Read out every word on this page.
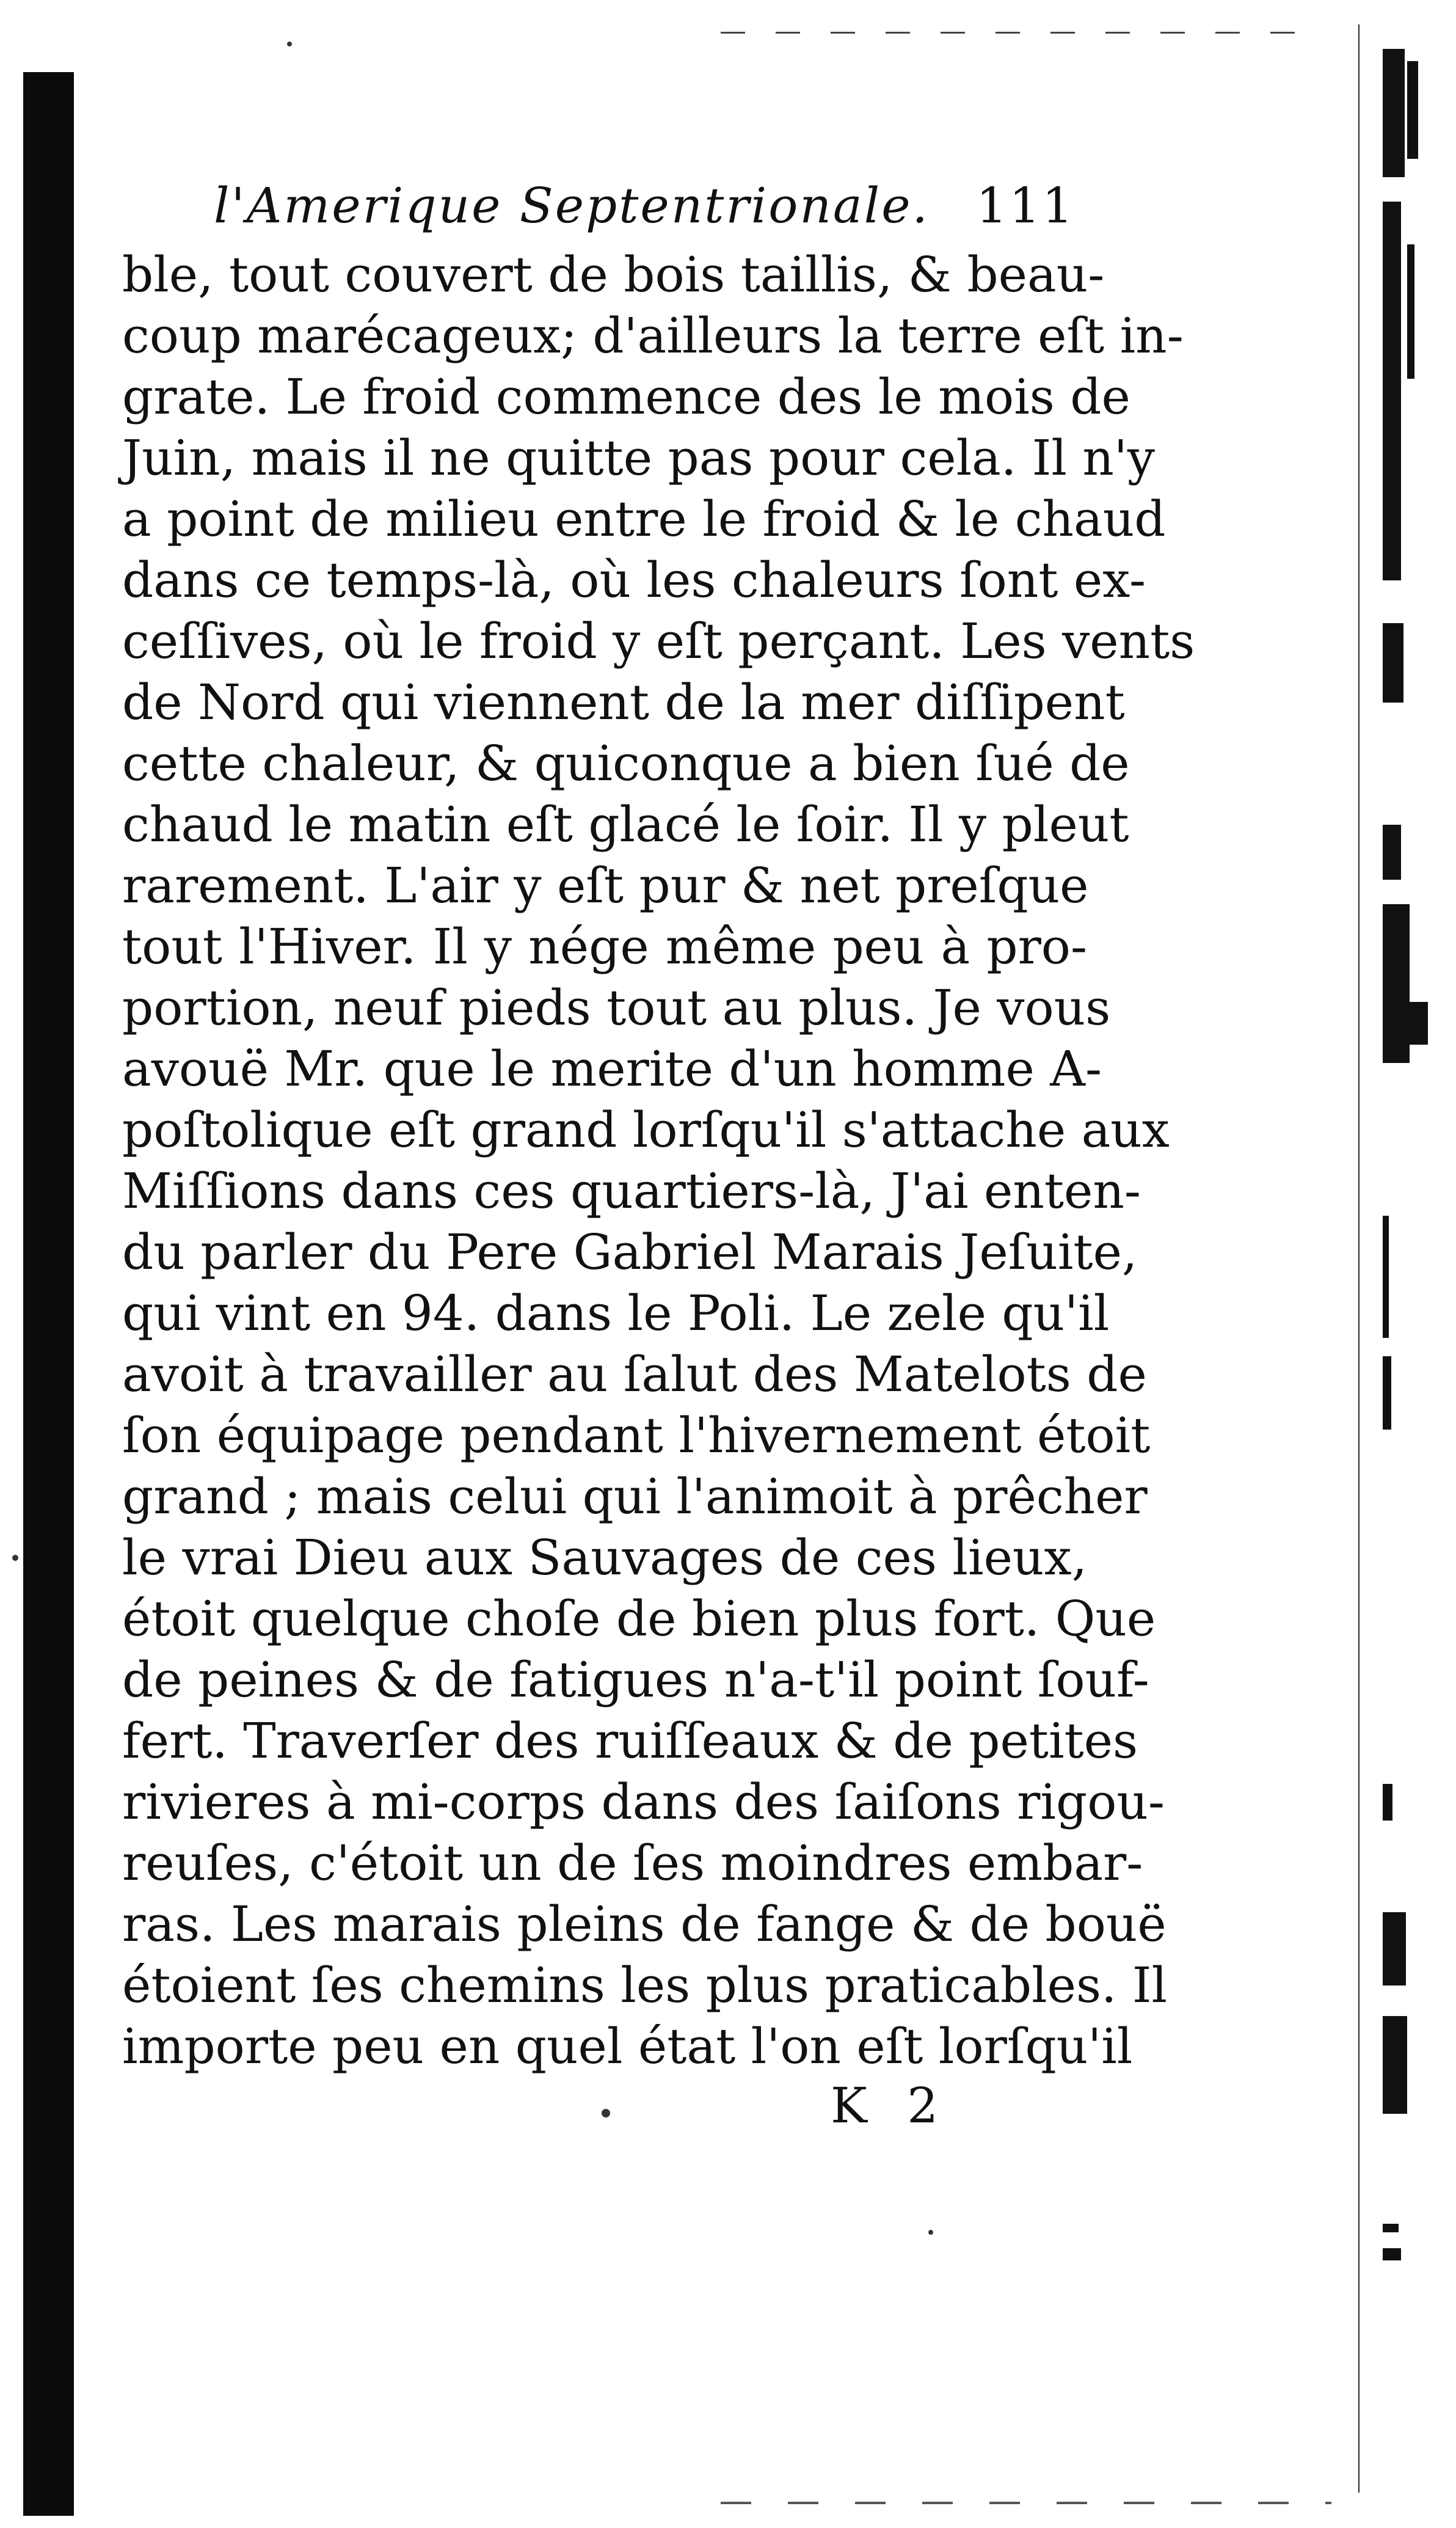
l'Amerique Septentrionale. 111
ble, tout couvert de bois taillis, & beau-
coup marécageux; d'ailleurs la terre eſt in-
grate. Le froid commence des le mois de
Juin, mais il ne quitte pas pour cela. Il n'y
a point de milieu entre le froid & le chaud
dans ce temps-là, où les chaleurs ſont ex-
ceſſives, où le froid y eſt perçant. Les vents
de Nord qui viennent de la mer diſſipent
cette chaleur, & quiconque a bien ſué de
chaud le matin eſt glacé le ſoir. Il y pleut
rarement. L'air y eſt pur & net preſque
tout l'Hiver. Il y nége même peu à pro-
portion, neuf pieds tout au plus. Je vous
avouë Mr. que le merite d'un homme A-
poſtolique eſt grand lorſqu'il s'attache aux
Miſſions dans ces quartiers-là, J'ai enten-
du parler du Pere Gabriel Marais Jeſuite,
qui vint en 94. dans le Poli. Le zele qu'il
avoit à travailler au ſalut des Matelots de
ſon équipage pendant l'hivernement étoit
grand ; mais celui qui l'animoit à prêcher
le vrai Dieu aux Sauvages de ces lieux,
étoit quelque choſe de bien plus fort. Que
de peines & de fatigues n'a-t'il point ſouf-
fert. Traverſer des ruiſſeaux & de petites
rivieres à mi-corps dans des ſaiſons rigou-
reuſes, c'étoit un de ſes moindres embar-
ras. Les marais pleins de fange & de bouë
étoient ſes chemins les plus praticables. Il
importe peu en quel état l'on eſt lorſqu'il
K 2
